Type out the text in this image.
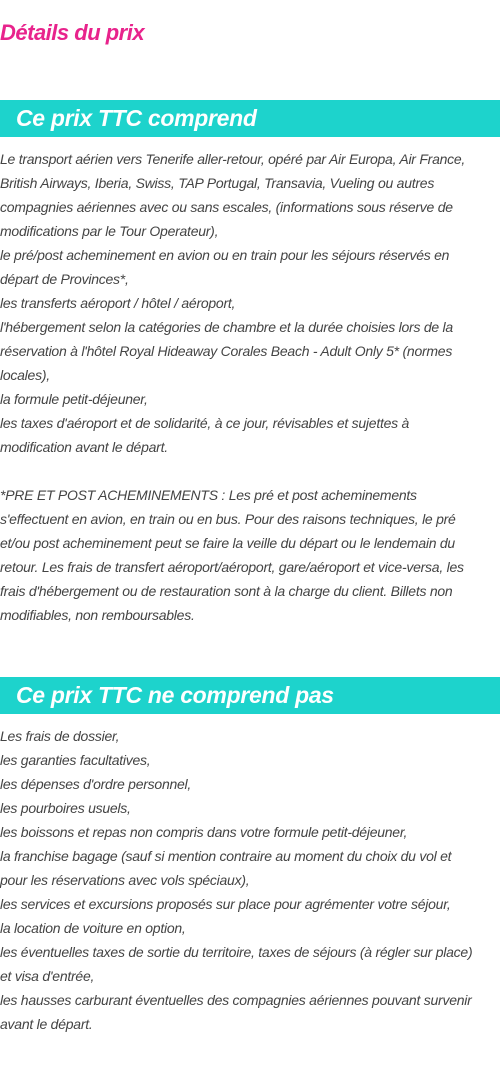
Détails du prix
Ce prix TTC comprend
Le transport aérien vers Tenerife aller-retour, opéré par Air Europa, Air France,
British Airways, Iberia, Swiss, TAP Portugal, Transavia, Vueling ou autres
compagnies aériennes avec ou sans escales, (informations sous réserve de
modifications par le Tour Operateur),
le pré/post acheminement en avion ou en train pour les séjours réservés en
départ de Provinces*,
les transferts aéroport / hôtel / aéroport,
l'hébergement selon la catégories de chambre et la durée choisies lors de la
réservation à l'hôtel Royal Hideaway Corales Beach - Adult Only 5* (normes
locales),
la formule petit-déjeuner,
les taxes d'aéroport et de solidarité, à ce jour, révisables et sujettes à
modification avant le départ.
*PRE ET POST ACHEMINEMENTS : Les pré et post acheminements
s'effectuent en avion, en train ou en bus. Pour des raisons techniques, le pré
et/ou post acheminement peut se faire la veille du départ ou le lendemain du
retour. Les frais de transfert aéroport/aéroport, gare/aéroport et vice-versa, les
frais d'hébergement ou de restauration sont à la charge du client. Billets non
modifiables, non remboursables.
Ce prix TTC ne comprend pas
Les frais de dossier,
les garanties facultatives,
les dépenses d'ordre personnel,
les pourboires usuels,
les boissons et repas non compris dans votre formule petit-déjeuner,
la franchise bagage (sauf si mention contraire au moment du choix du vol et
pour les réservations avec vols spéciaux),
les services et excursions proposés sur place pour agrémenter votre séjour,
la location de voiture en option,
les éventuelles taxes de sortie du territoire, taxes de séjours (à régler sur place)
et visa d'entrée,
les hausses carburant éventuelles des compagnies aériennes pouvant survenir
avant le départ.
